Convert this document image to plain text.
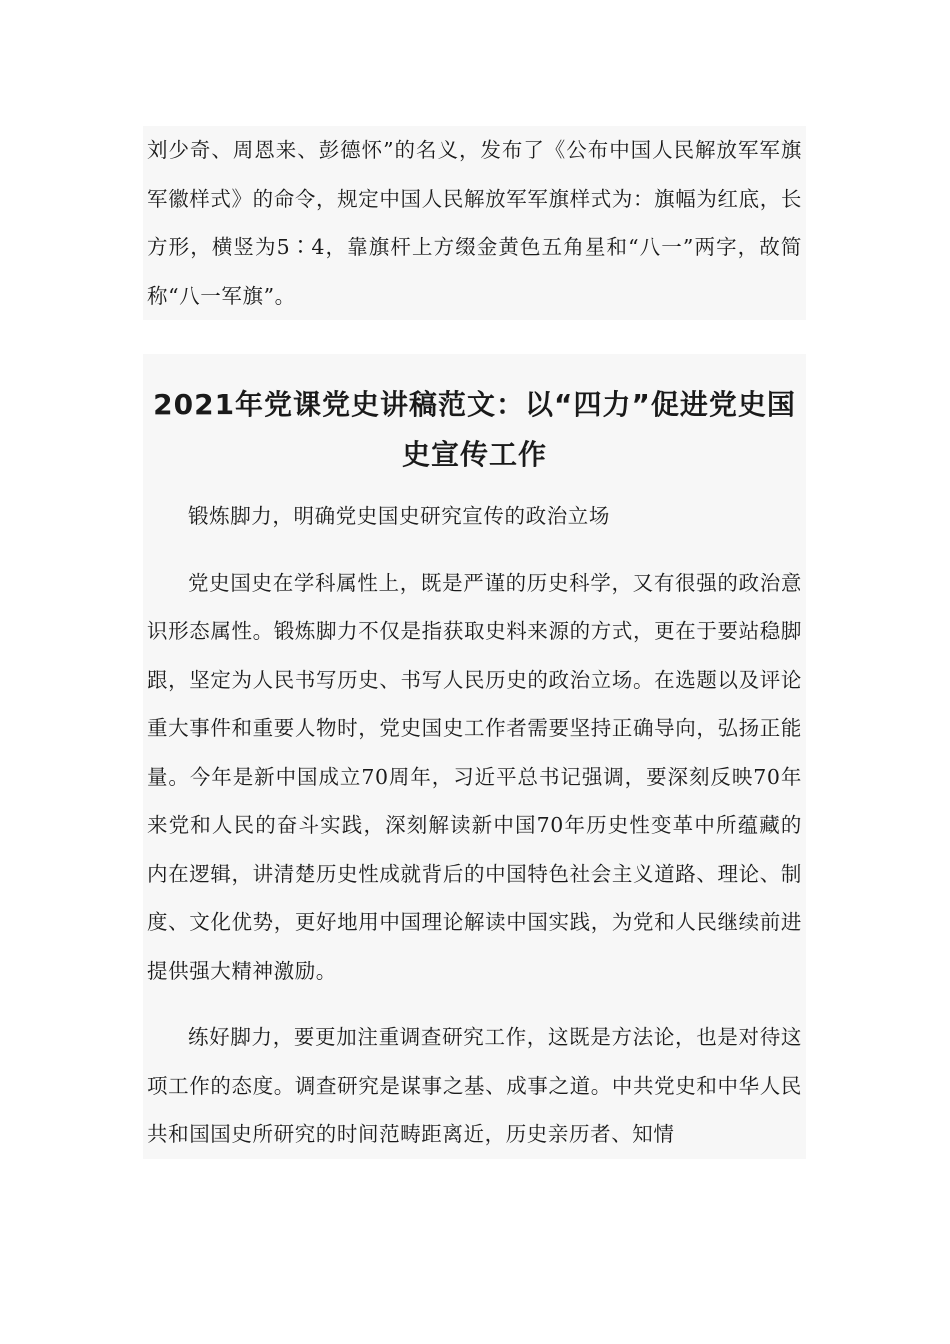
刘少奇、周恩来、彭德怀”的名义，发布了《公布中国人民解放军军旗军徽样式》的命令，规定中国人民解放军军旗样式为：旗幅为红底，长方形，横竖为5∶4，靠旗杆上方缀金黄色五角星和“八一”两字，故简称“八一军旗”。

2021年党课党史讲稿范文：以“四力”促进党史国史宣传工作

锻炼脚力，明确党史国史研究宣传的政治立场

党史国史在学科属性上，既是严谨的历史科学，又有很强的政治意识形态属性。锻炼脚力不仅是指获取史料来源的方式，更在于要站稳脚跟，坚定为人民书写历史、书写人民历史的政治立场。在选题以及评论重大事件和重要人物时，党史国史工作者需要坚持正确导向，弘扬正能量。今年是新中国成立70周年，习近平总书记强调，要深刻反映70年来党和人民的奋斗实践，深刻解读新中国70年历史性变革中所蕴藏的内在逻辑，讲清楚历史性成就背后的中国特色社会主义道路、理论、制度、文化优势，更好地用中国理论解读中国实践，为党和人民继续前进提供强大精神激励。

练好脚力，要更加注重调查研究工作，这既是方法论，也是对待这项工作的态度。调查研究是谋事之基、成事之道。中共党史和中华人民共和国国史所研究的时间范畴距离近，历史亲历者、知情
